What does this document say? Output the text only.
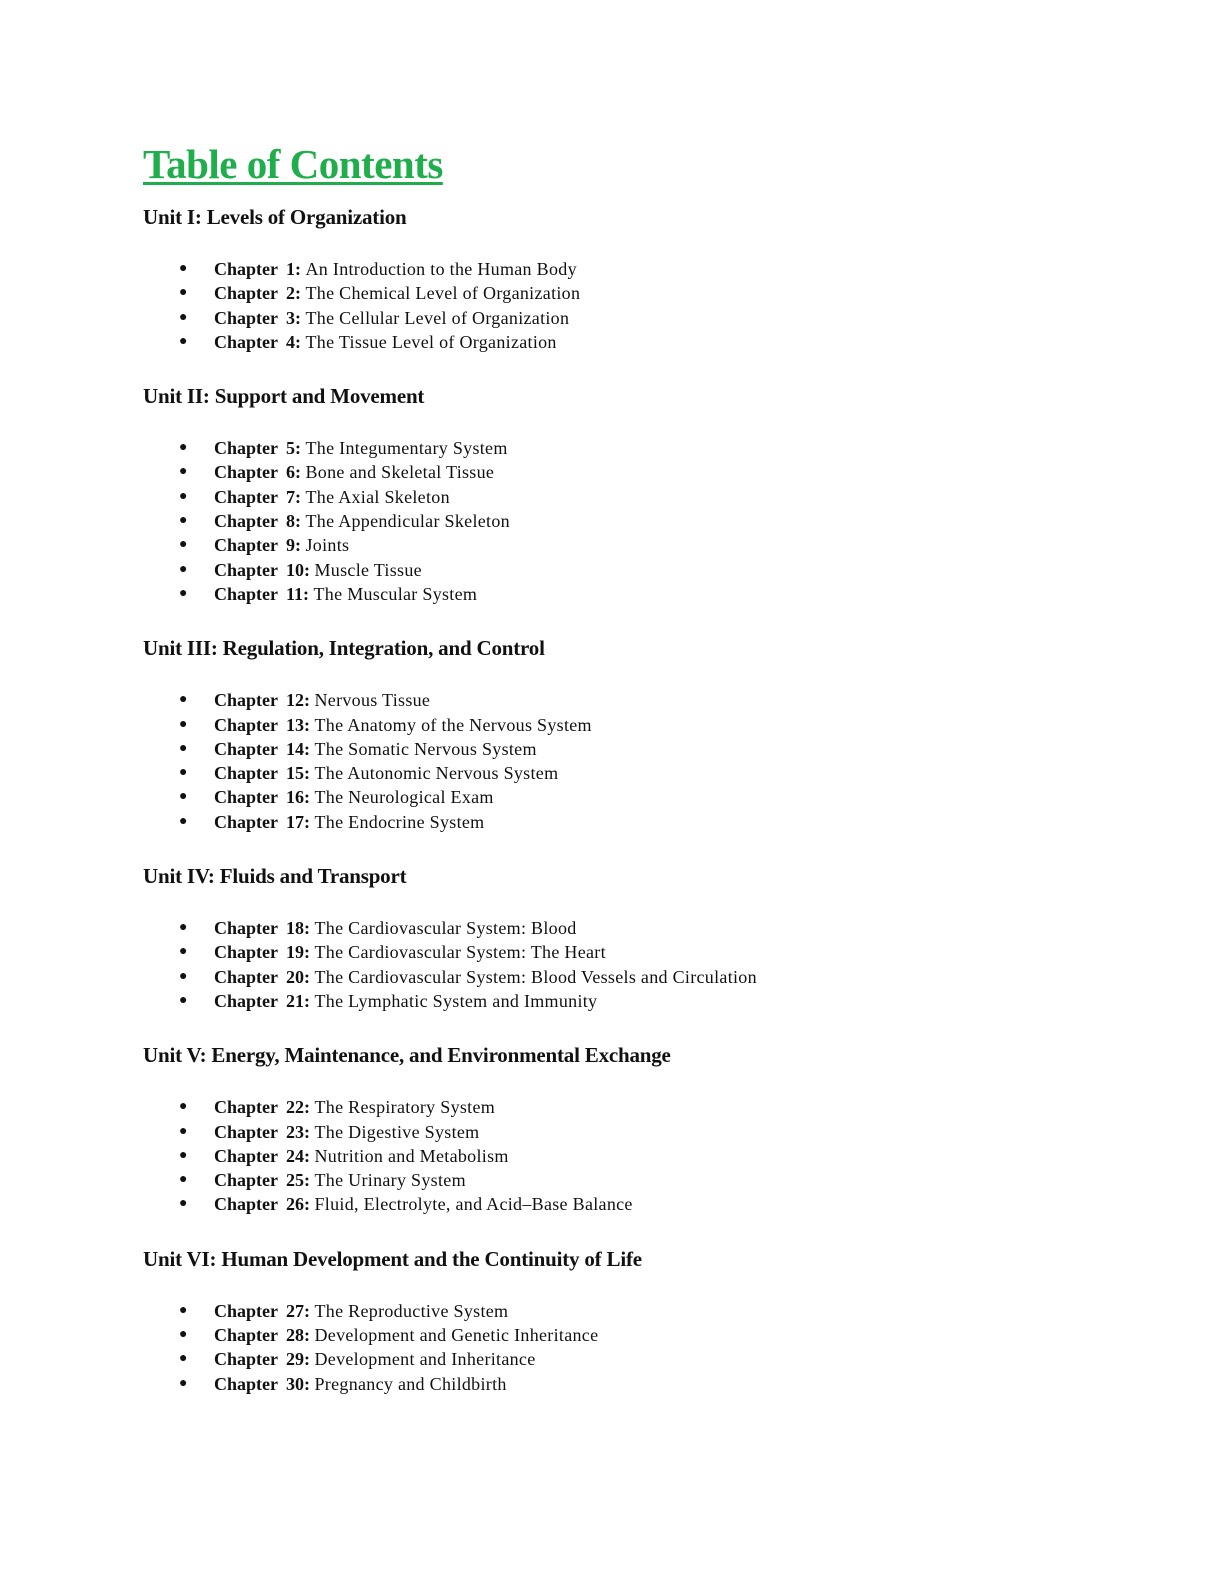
Table of Contents
Unit I: Levels of Organization
● Chapter 1: An Introduction to the Human Body
● Chapter 2: The Chemical Level of Organization
● Chapter 3: The Cellular Level of Organization
● Chapter 4: The Tissue Level of Organization
Unit II: Support and Movement
● Chapter 5: The Integumentary System
● Chapter 6: Bone and Skeletal Tissue
● Chapter 7: The Axial Skeleton
● Chapter 8: The Appendicular Skeleton
● Chapter 9: Joints
● Chapter 10: Muscle Tissue
● Chapter 11: The Muscular System
Unit III: Regulation, Integration, and Control
● Chapter 12: Nervous Tissue
● Chapter 13: The Anatomy of the Nervous System
● Chapter 14: The Somatic Nervous System
● Chapter 15: The Autonomic Nervous System
● Chapter 16: The Neurological Exam
● Chapter 17: The Endocrine System
Unit IV: Fluids and Transport
● Chapter 18: The Cardiovascular System: Blood
● Chapter 19: The Cardiovascular System: The Heart
● Chapter 20: The Cardiovascular System: Blood Vessels and Circulation
● Chapter 21: The Lymphatic System and Immunity
Unit V: Energy, Maintenance, and Environmental Exchange
● Chapter 22: The Respiratory System
● Chapter 23: The Digestive System
● Chapter 24: Nutrition and Metabolism
● Chapter 25: The Urinary System
● Chapter 26: Fluid, Electrolyte, and Acid–Base Balance
Unit VI: Human Development and the Continuity of Life
● Chapter 27: The Reproductive System
● Chapter 28: Development and Genetic Inheritance
● Chapter 29: Development and Inheritance
● Chapter 30: Pregnancy and Childbirth
